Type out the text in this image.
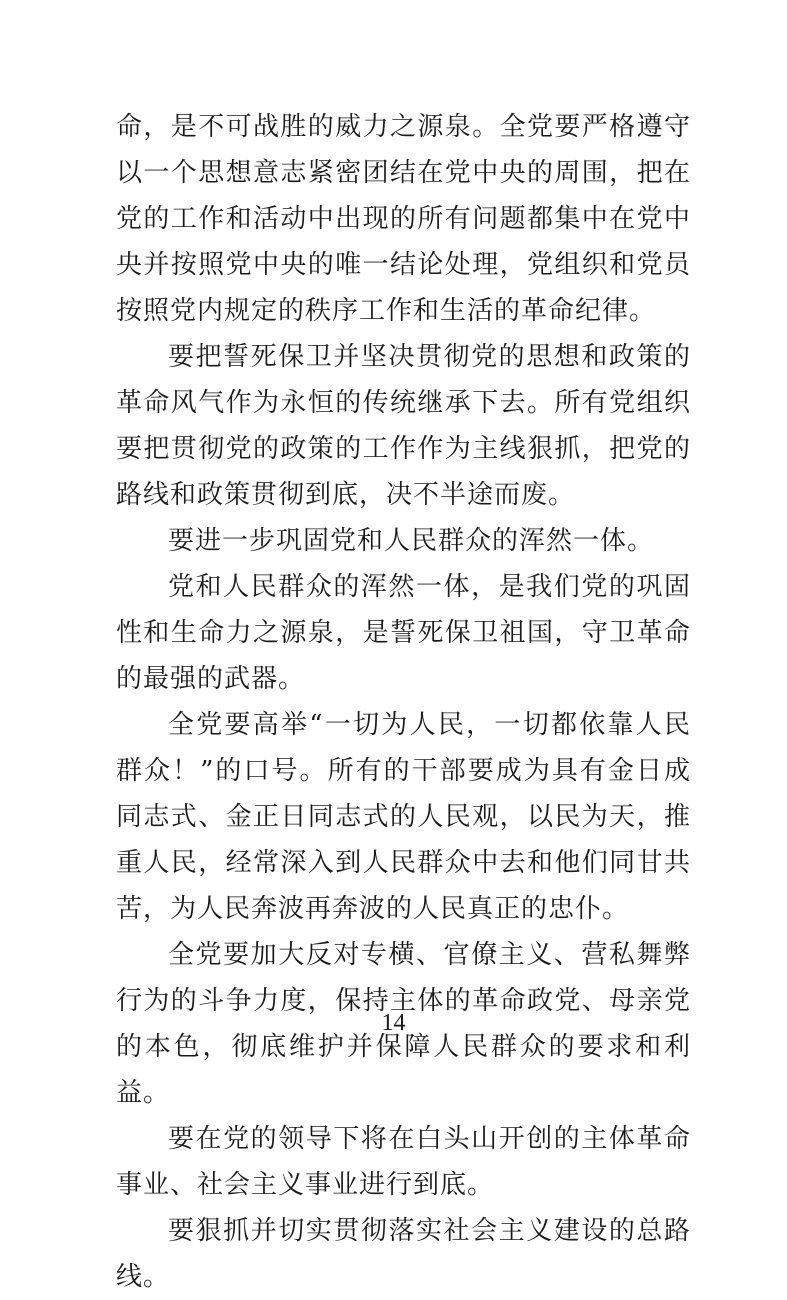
命，是不可战胜的威力之源泉。全党要严格遵守以一个思想意志紧密团结在党中央的周围，把在党的工作和活动中出现的所有问题都集中在党中央并按照党中央的唯一结论处理，党组织和党员按照党内规定的秩序工作和生活的革命纪律。

要把誓死保卫并坚决贯彻党的思想和政策的革命风气作为永恒的传统继承下去。所有党组织要把贯彻党的政策的工作作为主线狠抓，把党的路线和政策贯彻到底，决不半途而废。

要进一步巩固党和人民群众的浑然一体。

党和人民群众的浑然一体，是我们党的巩固性和生命力之源泉，是誓死保卫祖国，守卫革命的最强的武器。

全党要高举“一切为人民，一切都依靠人民群众！”的口号。所有的干部要成为具有金日成同志式、金正日同志式的人民观，以民为天，推重人民，经常深入到人民群众中去和他们同甘共苦，为人民奔波再奔波的人民真正的忠仆。

全党要加大反对专横、官僚主义、营私舞弊行为的斗争力度，保持主体的革命政党、母亲党的本色，彻底维护并保障人民群众的要求和利益。

要在党的领导下将在白头山开创的主体革命事业、社会主义事业进行到底。

要狠抓并切实贯彻落实社会主义建设的总路线。

14
